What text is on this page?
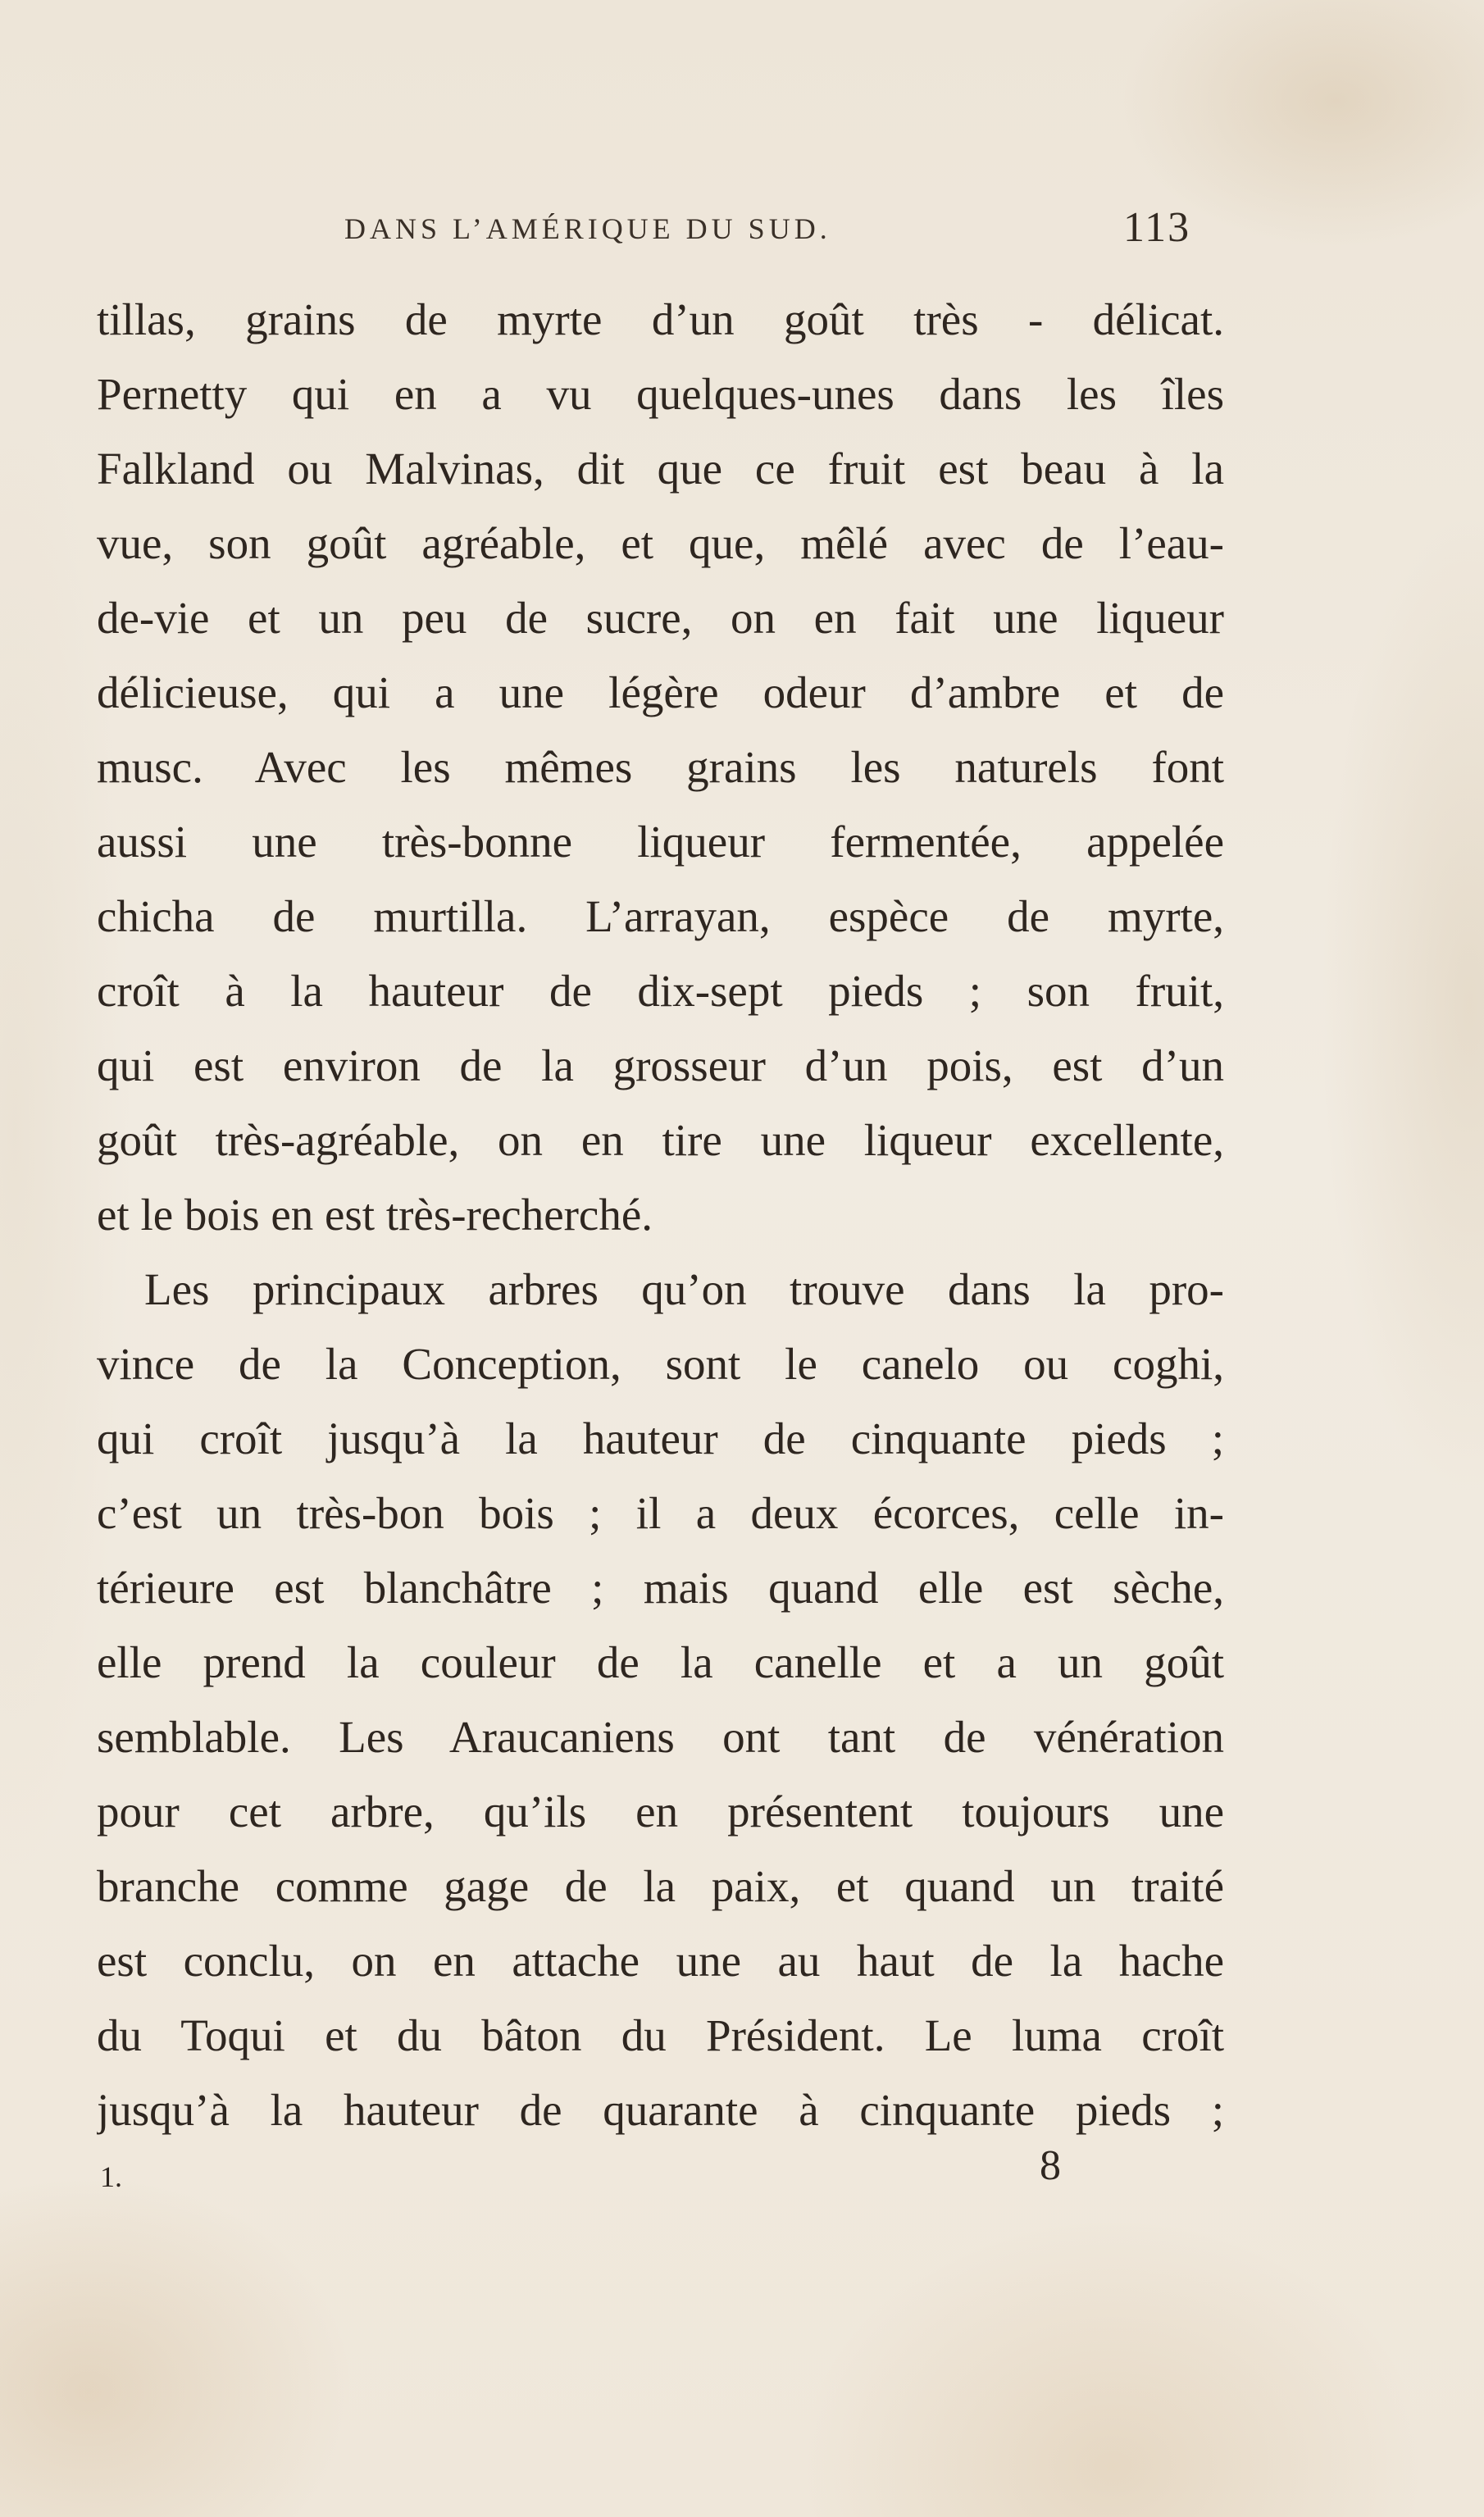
DANS L’AMÉRIQUE DU SUD.	113
tillas, grains de myrte d’un goût très - délicat.
Pernetty qui en a vu quelques-unes dans les îles
Falkland ou Malvinas, dit que ce fruit est beau à la
vue, son goût agréable, et que, mêlé avec de l’eau-
de-vie et un peu de sucre, on en fait une liqueur
délicieuse, qui a une légère odeur d’ambre et de
musc. Avec les mêmes grains les naturels font
aussi une très-bonne liqueur fermentée, appelée
chicha de murtilla. L’arrayan, espèce de myrte,
croît à la hauteur de dix-sept pieds ; son fruit,
qui est environ de la grosseur d’un pois, est d’un
goût très-agréable, on en tire une liqueur excellente,
et le bois en est très-recherché.
Les principaux arbres qu’on trouve dans la pro-
vince de la Conception, sont le canelo ou coghi,
qui croît jusqu’à la hauteur de cinquante pieds ;
c’est un très-bon bois ; il a deux écorces, celle in-
térieure est blanchâtre ; mais quand elle est sèche,
elle prend la couleur de la canelle et a un goût
semblable. Les Araucaniens ont tant de vénération
pour cet arbre, qu’ils en présentent toujours une
branche comme gage de la paix, et quand un traité
est conclu, on en attache une au haut de la hache
du Toqui et du bâton du Président. Le luma croît
jusqu’à la hauteur de quarante à cinquante pieds ;
1.	8
